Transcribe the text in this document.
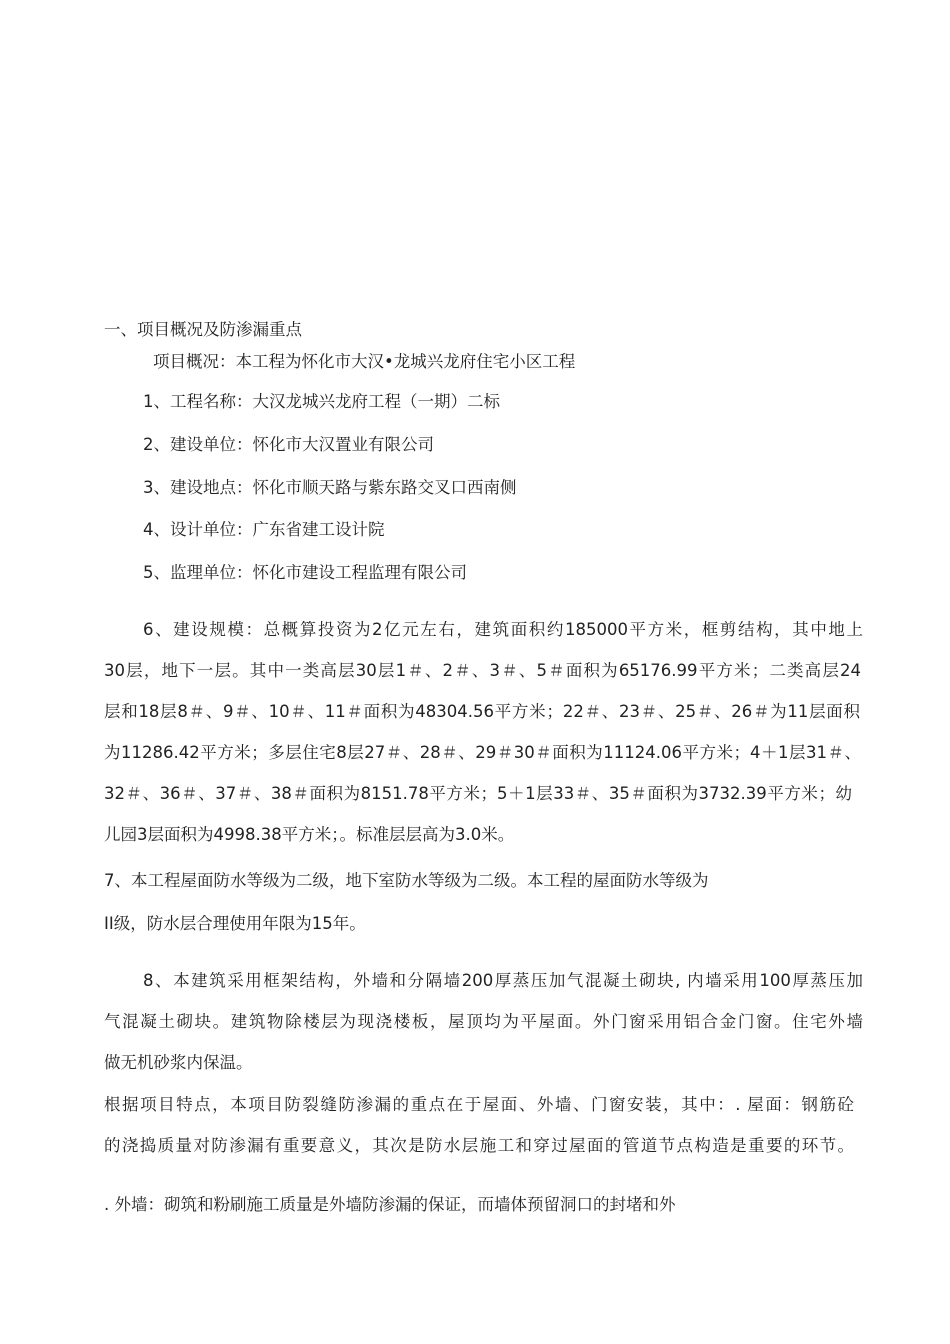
一、项目概况及防渗漏重点
项目概况：本工程为怀化市大汉•龙城兴龙府住宅小区工程
1、工程名称：大汉龙城兴龙府工程（一期）二标
2、建设单位：怀化市大汉置业有限公司
3、建设地点：怀化市顺天路与紫东路交叉口西南侧
4、设计单位：广东省建工设计院
5、监理单位：怀化市建设工程监理有限公司
6、建设规模：总概算投资为2亿元左右，建筑面积约185000平方米，框剪结构，其中地上
30层，地下一层。其中一类高层30层1＃、2＃、3＃、5＃面积为65176.99平方米；二类高层24
层和18层8＃、9＃、10＃、11＃面积为48304.56平方米；22＃、23＃、25＃、26＃为11层面积
为11286.42平方米；多层住宅8层27＃、28＃、29＃30＃面积为11124.06平方米；4＋1层31＃、
32＃、36＃、37＃、38＃面积为8151.78平方米；5＋1层33＃、35＃面积为3732.39平方米；幼
儿园3层面积为4998.38平方米；。标准层层高为3.0米。
7、本工程屋面防水等级为二级，地下室防水等级为二级。本工程的屋面防水等级为
II级，防水层合理使用年限为15年。
8、本建筑采用框架结构，外墙和分隔墙200厚蒸压加气混凝土砌块, 内墙采用100厚蒸压加
气混凝土砌块。建筑物除楼层为现浇楼板，屋顶均为平屋面。外门窗采用铝合金门窗。住宅外墙
做无机砂浆内保温。
根据项目特点，本项目防裂缝防渗漏的重点在于屋面、外墙、门窗安装，其中：. 屋面：钢筋砼
的浇捣质量对防渗漏有重要意义，其次是防水层施工和穿过屋面的管道节点构造是重要的环节。
. 外墙：砌筑和粉刷施工质量是外墙防渗漏的保证，而墙体预留洞口的封堵和外
